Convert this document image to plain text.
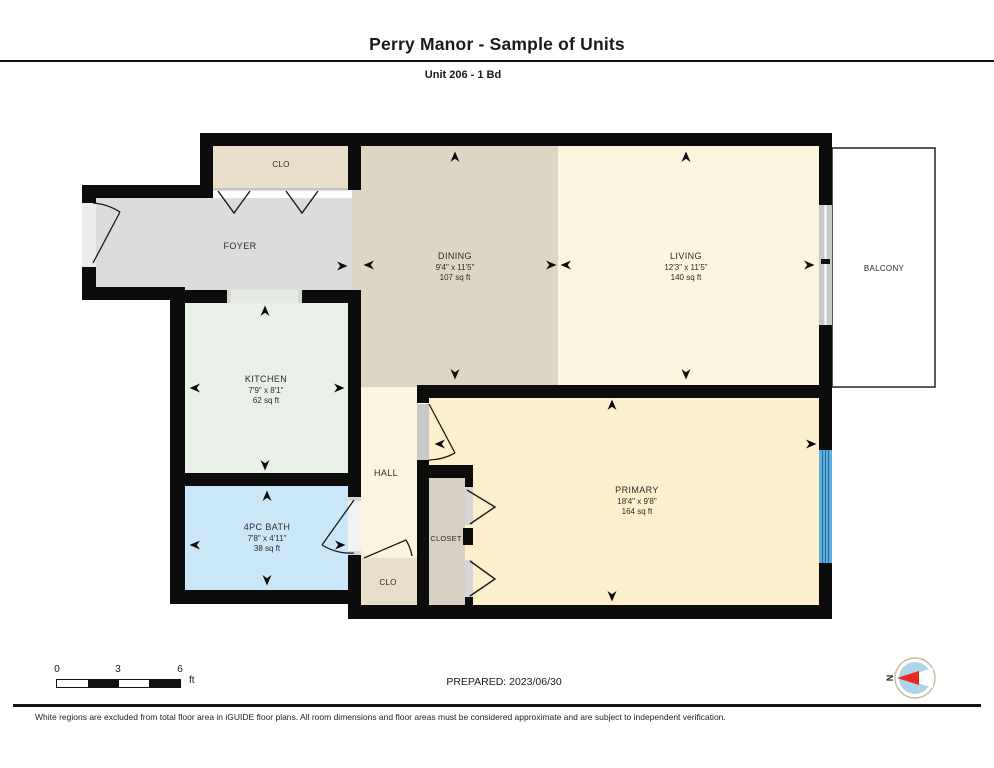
Perry Manor - Sample of Units
Unit 206 - 1 Bd
N
CLO
FOYER
DINING
9'4" x 11'5"
107 sq ft
LIVING
12'3" x 11'5"
140 sq ft
BALCONY
KITCHEN
7'9" x 8'1"
62 sq ft
HALL
4PC BATH
7'8" x 4'11"
38 sq ft
CLOSET
CLO
PRIMARY
18'4" x 9'8"
164 sq ft
0	3	6
ft	PREPARED: 2023/06/30
White regions are excluded from total floor area in iGUIDE floor plans. All room dimensions and floor areas must be considered approximate and are subject to independent verification.
